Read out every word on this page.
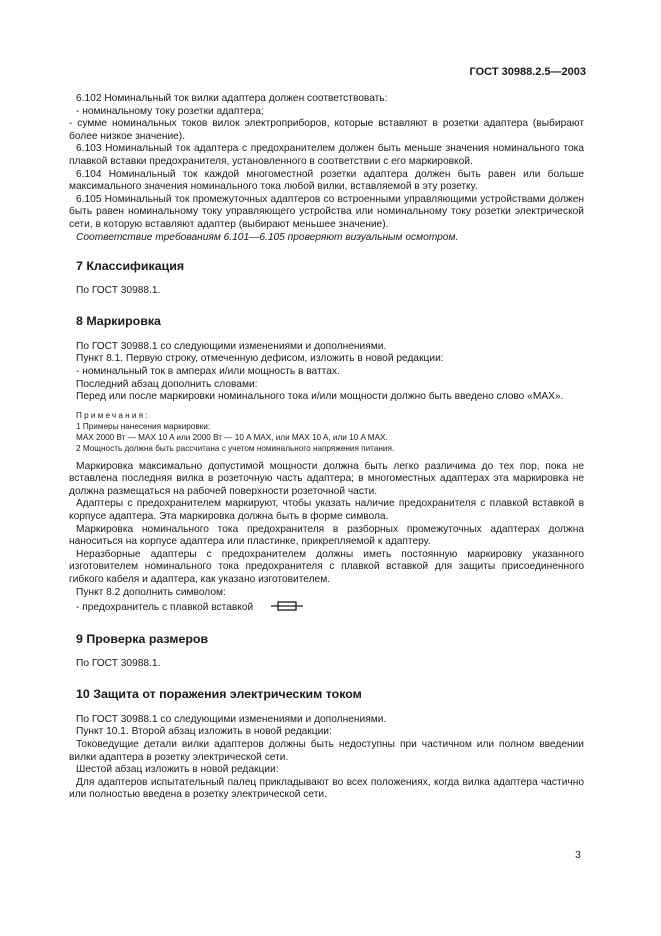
ГОСТ 30988.2.5—2003

6.102 Номинальный ток вилки адаптера должен соответствовать:

- номинальному току розетки адаптера;

- сумме номинальных токов вилок электроприборов, которые вставляют в розетки адаптера (выбирают более низкое значение).

6.103 Номинальный ток адаптера с предохранителем должен быть меньше значения номинального тока плавкой вставки предохранителя, установленного в соответствии с его маркировкой.

6.104 Номинальный ток каждой многоместной розетки адаптера должен быть равен или больше максимального значения номинального тока любой вилки, вставляемой в эту розетку.

6.105 Номинальный ток промежуточных адаптеров со встроенными управляющими устройствами должен быть равен номинальному току управляющего устройства или номинальному току розетки электрической сети, в которую вставляют адаптер (выбирают меньшее значение).

Соответствие требованиям 6.101—6.105 проверяют визуальным осмотром.

7 Классификация

По ГОСТ 30988.1.

8 Маркировка

По ГОСТ 30988.1 со следующими изменениями и дополнениями.

Пункт 8.1. Первую строку, отмеченную дефисом, изложить в новой редакции:

- номинальный ток в амперах и/или мощность в ваттах.

Последний абзац дополнить словами:

Перед или после маркировки номинального тока и/или мощности должно быть введено слово «MAX».

Примечания:
1 Примеры нанесения маркировки:
MAX 2000 Вт — MAX 10 A или 2000 Вт — 10 A MAX, или MAX 10 A, или 10 A MAX.
2 Мощность должна быть рассчитана с учетом номинального напряжения питания.

Маркировка максимально допустимой мощности должна быть легко различима до тех пор, пока не вставлена последняя вилка в розеточную часть адаптера; в многоместных адаптерах эта маркировка не должна размещаться на рабочей поверхности розеточной части.

Адаптеры с предохранителем маркируют, чтобы указать наличие предохранителя с плавкой вставкой в корпусе адаптера. Эта маркировка должна быть в форме символа.

Маркировка номинального тока предохранителя в разборных промежуточных адаптерах должна наноситься на корпусе адаптера или пластинке, прикрепляемой к адаптеру.

Неразборные адаптеры с предохранителем должны иметь постоянную маркировку указанного изготовителем номинального тока предохранителя с плавкой вставкой для защиты присоединенного гибкого кабеля и адаптера, как указано изготовителем.

Пункт 8.2 дополнить символом:

- предохранитель с плавкой вставкой

9 Проверка размеров

По ГОСТ 30988.1.

10 Защита от поражения электрическим током

По ГОСТ 30988.1 со следующими изменениями и дополнениями.

Пункт 10.1. Второй абзац изложить в новой редакции:

Токоведущие детали вилки адаптеров должны быть недоступны при частичном или полном введении вилки адаптера в розетку электрической сети.

Шестой абзац изложить в новой редакции:

Для адаптеров испытательный палец прикладывают во всех положениях, когда вилка адаптера частично или полностью введена в розетку электрической сети.

3
